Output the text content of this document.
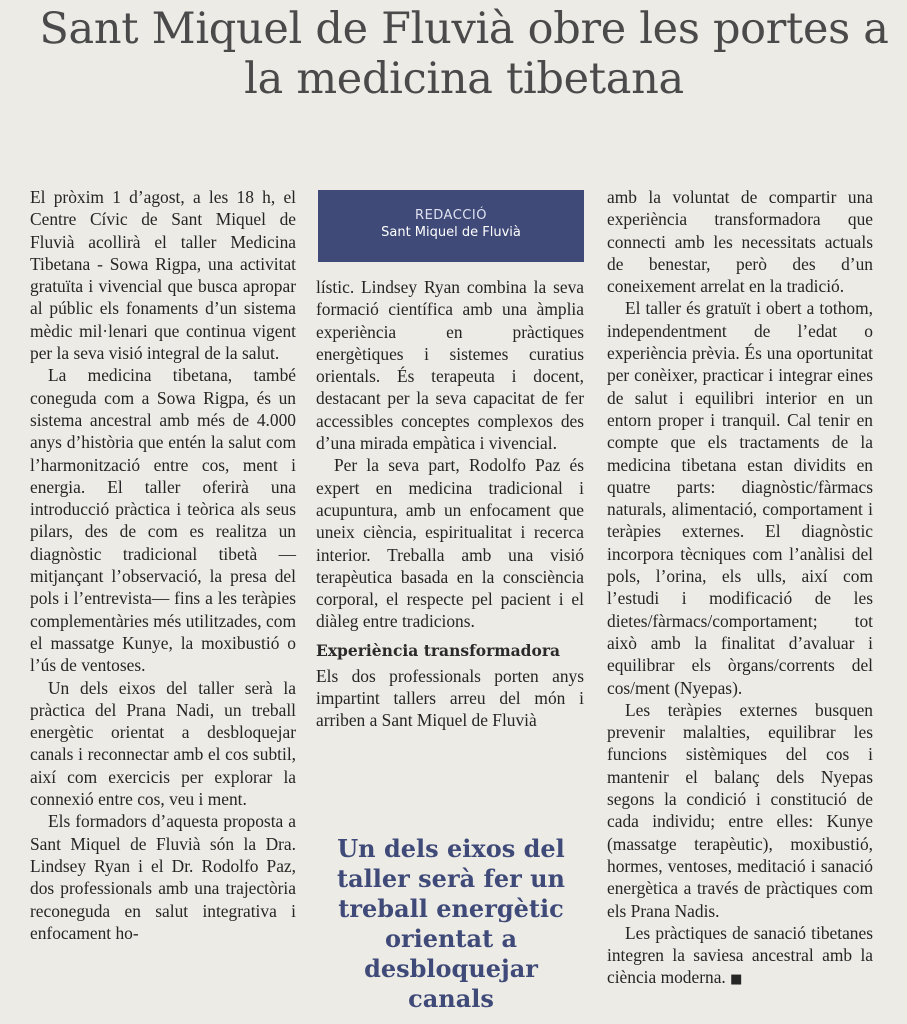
Sant Miquel de Fluvià obre les portes a la medicina tibetana
REDACCIÓ
Sant Miquel de Fluvià

El pròxim 1 d’agost, a les 18 h, el Centre Cívic de Sant Miquel de Fluvià acollirà el taller Medicina Tibetana - Sowa Rigpa, una activitat gratuïta i vivencial que busca apropar al públic els fonaments d’un sistema mèdic mil·lenari que continua vigent per la seva visió integral de la salut.

La medicina tibetana, també coneguda com a Sowa Rigpa, és un sistema ancestral amb més de 4.000 anys d’història que entén la salut com l’harmonització entre cos, ment i energia. El taller oferirà una introducció pràctica i teòrica als seus pilars, des de com es realitza un diagnòstic tradicional tibetà —mitjançant l’observació, la presa del pols i l’entrevista— fins a les teràpies complementàries més utilitzades, com el massatge Kunye, la moxibustió o l’ús de ventoses.

Un dels eixos del taller serà la pràctica del Prana Nadi, un treball energètic orientat a desbloquejar canals i reconnectar amb el cos subtil, així com exercicis per explorar la connexió entre cos, veu i ment.

Els formadors d’aquesta proposta a Sant Miquel de Fluvià són la Dra. Lindsey Ryan i el Dr. Rodolfo Paz, dos professionals amb una trajectòria reconeguda en salut integrativa i enfocament ho-

lístic. Lindsey Ryan combina la seva formació científica amb una àmplia experiència en pràctiques energètiques i sistemes curatius orientals. És terapeuta i docent, destacant per la seva capacitat de fer accessibles conceptes complexos des d’una mirada empàtica i vivencial.

Per la seva part, Rodolfo Paz és expert en medicina tradicional i acupuntura, amb un enfocament que uneix ciència, espiritualitat i recerca interior. Treballa amb una visió terapèutica basada en la consciència corporal, el respecte pel pacient i el diàleg entre tradicions.

Experiència transformadora

Els dos professionals porten anys impartint tallers arreu del món i arriben a Sant Miquel de Fluvià

Un dels eixos del taller serà fer un treball energètic orientat a desbloquejar canals

amb la voluntat de compartir una experiència transformadora que connecti amb les necessitats actuals de benestar, però des d’un coneixement arrelat en la tradició.

El taller és gratuït i obert a tothom, independentment de l’edat o experiència prèvia. És una oportunitat per conèixer, practicar i integrar eines de salut i equilibri interior en un entorn proper i tranquil. Cal tenir en compte que els tractaments de la medicina tibetana estan dividits en quatre parts: diagnòstic/fàrmacs naturals, alimentació, comportament i teràpies externes. El diagnòstic incorpora tècniques com l’anàlisi del pols, l’orina, els ulls, així com l’estudi i modificació de les dietes/fàrmacs/comportament; tot això amb la finalitat d’avaluar i equilibrar els òrgans/corrents del cos/ment (Nyepas).

Les teràpies externes busquen prevenir malalties, equilibrar les funcions sistèmiques del cos i mantenir el balanç dels Nyepas segons la condició i constitució de cada individu; entre elles: Kunye (massatge terapèutic), moxibustió, hormes, ventoses, meditació i sanació energètica a través de pràctiques com els Prana Nadis.

Les pràctiques de sanació tibetanes integren la saviesa ancestral amb la ciència moderna. ■
